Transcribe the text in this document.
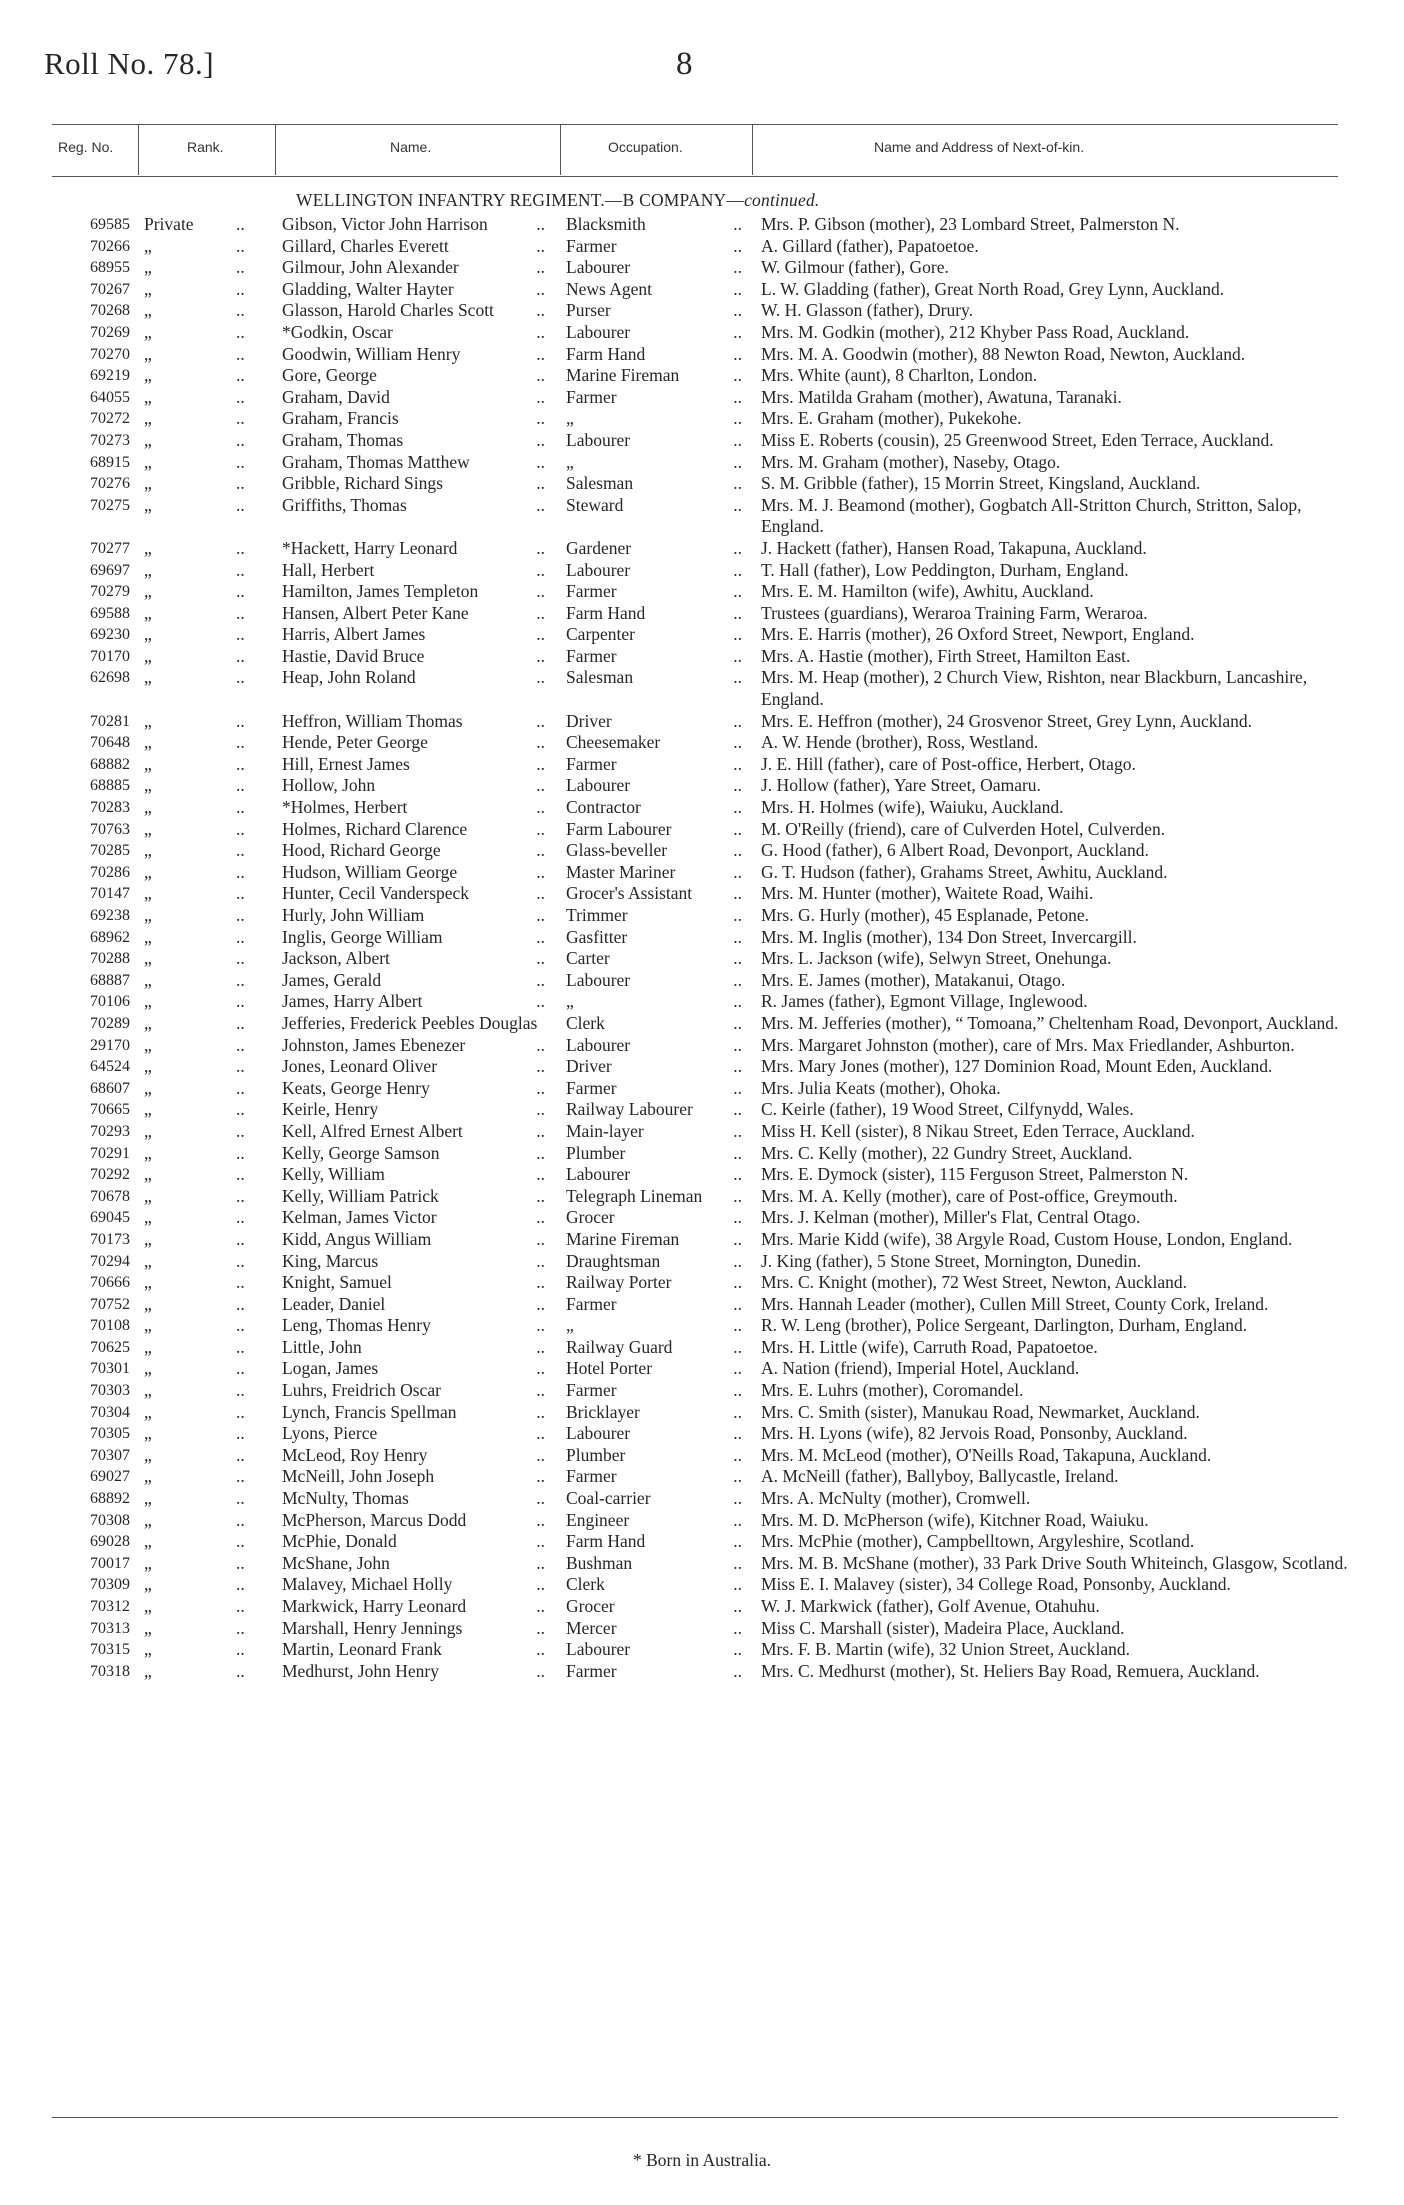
Roll No. 78.]	8
Reg. No.	Rank.	Name.	Occupation.	Name and Address of Next-of-kin.
WELLINGTON INFANTRY REGIMENT.—B COMPANY—continued.
69585 Private .. Gibson, Victor John Harrison ..	Blacksmith ..	Mrs. P. Gibson (mother), 23 Lombard Street, Palmerston N.
70266 „	.. Gillard, Charles Everett ..	Farmer ..	A. Gillard (father), Papatoetoe.
68955 „	.. Gilmour, John Alexander ..	Labourer ..	W. Gilmour (father), Gore.
70267 „	.. Gladding, Walter Hayter ..	News Agent ..	L. W. Gladding (father), Great North Road, Grey Lynn, Auckland.
70268 „	.. Glasson, Harold Charles Scott ..	Purser ..	W. H. Glasson (father), Drury.
70269 „	.. *Godkin, Oscar ..	Labourer ..	Mrs. M. Godkin (mother), 212 Khyber Pass Road, Auckland.
70270 „	.. Goodwin, William Henry ..	Farm Hand ..	Mrs. M. A. Goodwin (mother), 88 Newton Road, Newton, Auckland.
69219 „	.. Gore, George ..	Marine Fireman ..	Mrs. White (aunt), 8 Charlton, London.
64055 „	.. Graham, David ..	Farmer ..	Mrs. Matilda Graham (mother), Awatuna, Taranaki.
70272 „	.. Graham, Francis ..	„ ..	Mrs. E. Graham (mother), Pukekohe.
70273 „	.. Graham, Thomas ..	Labourer ..	Miss E. Roberts (cousin), 25 Greenwood Street, Eden Terrace, Auckland.
68915 „	.. Graham, Thomas Matthew ..	„ ..	Mrs. M. Graham (mother), Naseby, Otago.
70276 „	.. Gribble, Richard Sings ..	Salesman ..	S. M. Gribble (father), 15 Morrin Street, Kingsland, Auckland.
70275 „	.. Griffiths, Thomas ..	Steward ..	Mrs. M. J. Beamond (mother), Gogbatch All-Stritton Church, Stritton, Salop, England.
70277 „	.. *Hackett, Harry Leonard ..	Gardener ..	J. Hackett (father), Hansen Road, Takapuna, Auckland.
69697 „	.. Hall, Herbert ..	Labourer ..	T. Hall (father), Low Peddington, Durham, England.
70279 „	.. Hamilton, James Templeton ..	Farmer ..	Mrs. E. M. Hamilton (wife), Awhitu, Auckland.
69588 „	.. Hansen, Albert Peter Kane ..	Farm Hand ..	Trustees (guardians), Weraroa Training Farm, Weraroa.
69230 „	.. Harris, Albert James ..	Carpenter ..	Mrs. E. Harris (mother), 26 Oxford Street, Newport, England.
70170 „	.. Hastie, David Bruce ..	Farmer ..	Mrs. A. Hastie (mother), Firth Street, Hamilton East.
62698 „	.. Heap, John Roland ..	Salesman ..	Mrs. M. Heap (mother), 2 Church View, Rishton, near Blackburn, Lancashire, England.
70281 „	.. Heffron, William Thomas ..	Driver ..	Mrs. E. Heffron (mother), 24 Grosvenor Street, Grey Lynn, Auckland.
70648 „	.. Hende, Peter George ..	Cheesemaker ..	A. W. Hende (brother), Ross, Westland.
68882 „	.. Hill, Ernest James ..	Farmer ..	J. E. Hill (father), care of Post-office, Herbert, Otago.
68885 „	.. Hollow, John ..	Labourer ..	J. Hollow (father), Yare Street, Oamaru.
70283 „	.. *Holmes, Herbert ..	Contractor ..	Mrs. H. Holmes (wife), Waiuku, Auckland.
70763 „	.. Holmes, Richard Clarence ..	Farm Labourer ..	M. O'Reilly (friend), care of Culverden Hotel, Culverden.
70285 „	.. Hood, Richard George ..	Glass-beveller ..	G. Hood (father), 6 Albert Road, Devonport, Auckland.
70286 „	.. Hudson, William George ..	Master Mariner ..	G. T. Hudson (father), Grahams Street, Awhitu, Auckland.
70147 „	.. Hunter, Cecil Vanderspeck ..	Grocer's Assistant ..	Mrs. M. Hunter (mother), Waitete Road, Waihi.
69238 „	.. Hurly, John William ..	Trimmer ..	Mrs. G. Hurly (mother), 45 Esplanade, Petone.
68962 „	.. Inglis, George William ..	Gasfitter ..	Mrs. M. Inglis (mother), 134 Don Street, Invercargill.
70288 „	.. Jackson, Albert ..	Carter ..	Mrs. L. Jackson (wife), Selwyn Street, Onehunga.
68887 „	.. James, Gerald ..	Labourer ..	Mrs. E. James (mother), Matakanui, Otago.
70106 „	.. James, Harry Albert ..	„ ..	R. James (father), Egmont Village, Inglewood.
70289 „	.. Jefferies, Frederick Peebles Douglas Clerk ..	Mrs. M. Jefferies (mother), “ Tomoana,” Cheltenham Road, Devonport, Auckland.
29170 „	.. Johnston, James Ebenezer ..	Labourer ..	Mrs. Margaret Johnston (mother), care of Mrs. Max Friedlander, Ashburton.
64524 „	.. Jones, Leonard Oliver ..	Driver ..	Mrs. Mary Jones (mother), 127 Dominion Road, Mount Eden, Auckland.
68607 „	.. Keats, George Henry ..	Farmer ..	Mrs. Julia Keats (mother), Ohoka.
70665 „	.. Keirle, Henry ..	Railway Labourer ..	C. Keirle (father), 19 Wood Street, Cilfynydd, Wales.
70293 „	.. Kell, Alfred Ernest Albert ..	Main-layer ..	Miss H. Kell (sister), 8 Nikau Street, Eden Terrace, Auckland.
70291 „	.. Kelly, George Samson ..	Plumber ..	Mrs. C. Kelly (mother), 22 Gundry Street, Auckland.
70292 „	.. Kelly, William ..	Labourer ..	Mrs. E. Dymock (sister), 115 Ferguson Street, Palmerston N.
70678 „	.. Kelly, William Patrick ..	Telegraph Lineman ..	Mrs. M. A. Kelly (mother), care of Post-office, Greymouth.
69045 „	.. Kelman, James Victor ..	Grocer ..	Mrs. J. Kelman (mother), Miller's Flat, Central Otago.
70173 „	.. Kidd, Angus William ..	Marine Fireman ..	Mrs. Marie Kidd (wife), 38 Argyle Road, Custom House, London, England.
70294 „	.. King, Marcus ..	Draughtsman ..	J. King (father), 5 Stone Street, Mornington, Dunedin.
70666 „	.. Knight, Samuel ..	Railway Porter ..	Mrs. C. Knight (mother), 72 West Street, Newton, Auckland.
70752 „	.. Leader, Daniel ..	Farmer ..	Mrs. Hannah Leader (mother), Cullen Mill Street, County Cork, Ireland.
70108 „	.. Leng, Thomas Henry ..	„ ..	R. W. Leng (brother), Police Sergeant, Darlington, Durham, England.
70625 „	.. Little, John ..	Railway Guard ..	Mrs. H. Little (wife), Carruth Road, Papatoetoe.
70301 „	.. Logan, James ..	Hotel Porter ..	A. Nation (friend), Imperial Hotel, Auckland.
70303 „	.. Luhrs, Freidrich Oscar ..	Farmer ..	Mrs. E. Luhrs (mother), Coromandel.
70304 „	.. Lynch, Francis Spellman ..	Bricklayer ..	Mrs. C. Smith (sister), Manukau Road, Newmarket, Auckland.
70305 „	.. Lyons, Pierce ..	Labourer ..	Mrs. H. Lyons (wife), 82 Jervois Road, Ponsonby, Auckland.
70307 „	.. McLeod, Roy Henry ..	Plumber ..	Mrs. M. McLeod (mother), O'Neills Road, Takapuna, Auckland.
69027 „	.. McNeill, John Joseph ..	Farmer ..	A. McNeill (father), Ballyboy, Ballycastle, Ireland.
68892 „	.. McNulty, Thomas ..	Coal-carrier ..	Mrs. A. McNulty (mother), Cromwell.
70308 „	.. McPherson, Marcus Dodd ..	Engineer ..	Mrs. M. D. McPherson (wife), Kitchner Road, Waiuku.
69028 „	.. McPhie, Donald ..	Farm Hand ..	Mrs. McPhie (mother), Campbelltown, Argyleshire, Scotland.
70017 „	.. McShane, John ..	Bushman ..	Mrs. M. B. McShane (mother), 33 Park Drive South Whiteinch, Glasgow, Scotland.
70309 „	.. Malavey, Michael Holly ..	Clerk ..	Miss E. I. Malavey (sister), 34 College Road, Ponsonby, Auckland.
70312 „	.. Markwick, Harry Leonard ..	Grocer ..	W. J. Markwick (father), Golf Avenue, Otahuhu.
70313 „	.. Marshall, Henry Jennings ..	Mercer ..	Miss C. Marshall (sister), Madeira Place, Auckland.
70315 „	.. Martin, Leonard Frank ..	Labourer ..	Mrs. F. B. Martin (wife), 32 Union Street, Auckland.
70318 „	.. Medhurst, John Henry ..	Farmer ..	Mrs. C. Medhurst (mother), St. Heliers Bay Road, Remuera, Auckland.
* Born in Australia.
